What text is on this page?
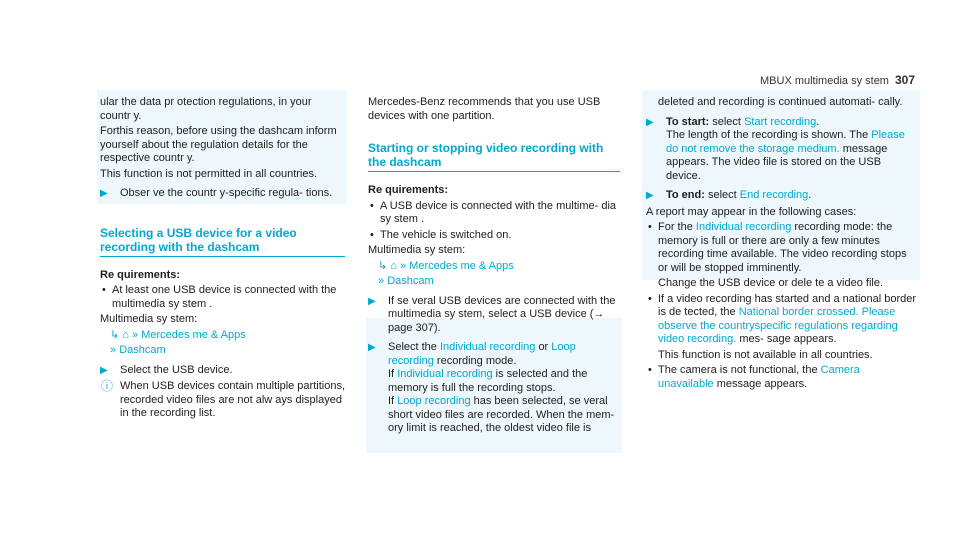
MBUX multimedia sy stem 307

ular the data pr otection regulations, in your countr y.

Forthis reason, before using the dashcam inform yourself about the regulation details for the respective countr y.

This function is not permitted in all countries.

▶ Obser ve the countr y-specific regula‐ tions.

Selecting a USB device for a video recording with the dashcam

Re quirements:

• At least one USB device is connected with the multimedia sy stem .

Multimedia sy stem:

↳ ⌂ » Mercedes me & Apps

» Dashcam

▶ Select the USB device.

ⓘ When USB devices contain multiple partitions, recorded video files are not alw ays displayed in the recording list.

Mercedes-Benz recommends that you use USB devices with one partition.

Starting or stopping video recording with the dashcam

Re quirements:

• A USB device is connected with the multime‐ dia sy stem .

• The vehicle is switched on.

Multimedia sy stem:

↳ ⌂ » Mercedes me & Apps

» Dashcam

▶ If se veral USB devices are connected with the multimedia sy stem, select a USB device (→ page 307).

▶ Select the Individual recording or Loop recording recording mode.
If Individual recording is selected and the memory is full the recording stops.
If Loop recording has been selected, se veral short video files are recorded. When the mem‐ ory limit is reached, the oldest video file is

deleted and recording is continued automati‐ cally.

▶ To start: select Start recording.
The length of the recording is shown. The Please do not remove the storage medium. message appears. The video file is stored on the USB device.

▶ To end: select End recording.

A report may appear in the following cases:

• For the Individual recording recording mode: the memory is full or there are only a few minutes recording time available. The video recording stops or will be stopped imminently.

Change the USB device or dele te a video file.

• If a video recording has started and a national border is de tected, the National border crossed. Please observe the countryspecific regulations regarding video recording. mes‐ sage appears.

This function is not available in all countries.

• The camera is not functional, the Camera unavailable message appears.
